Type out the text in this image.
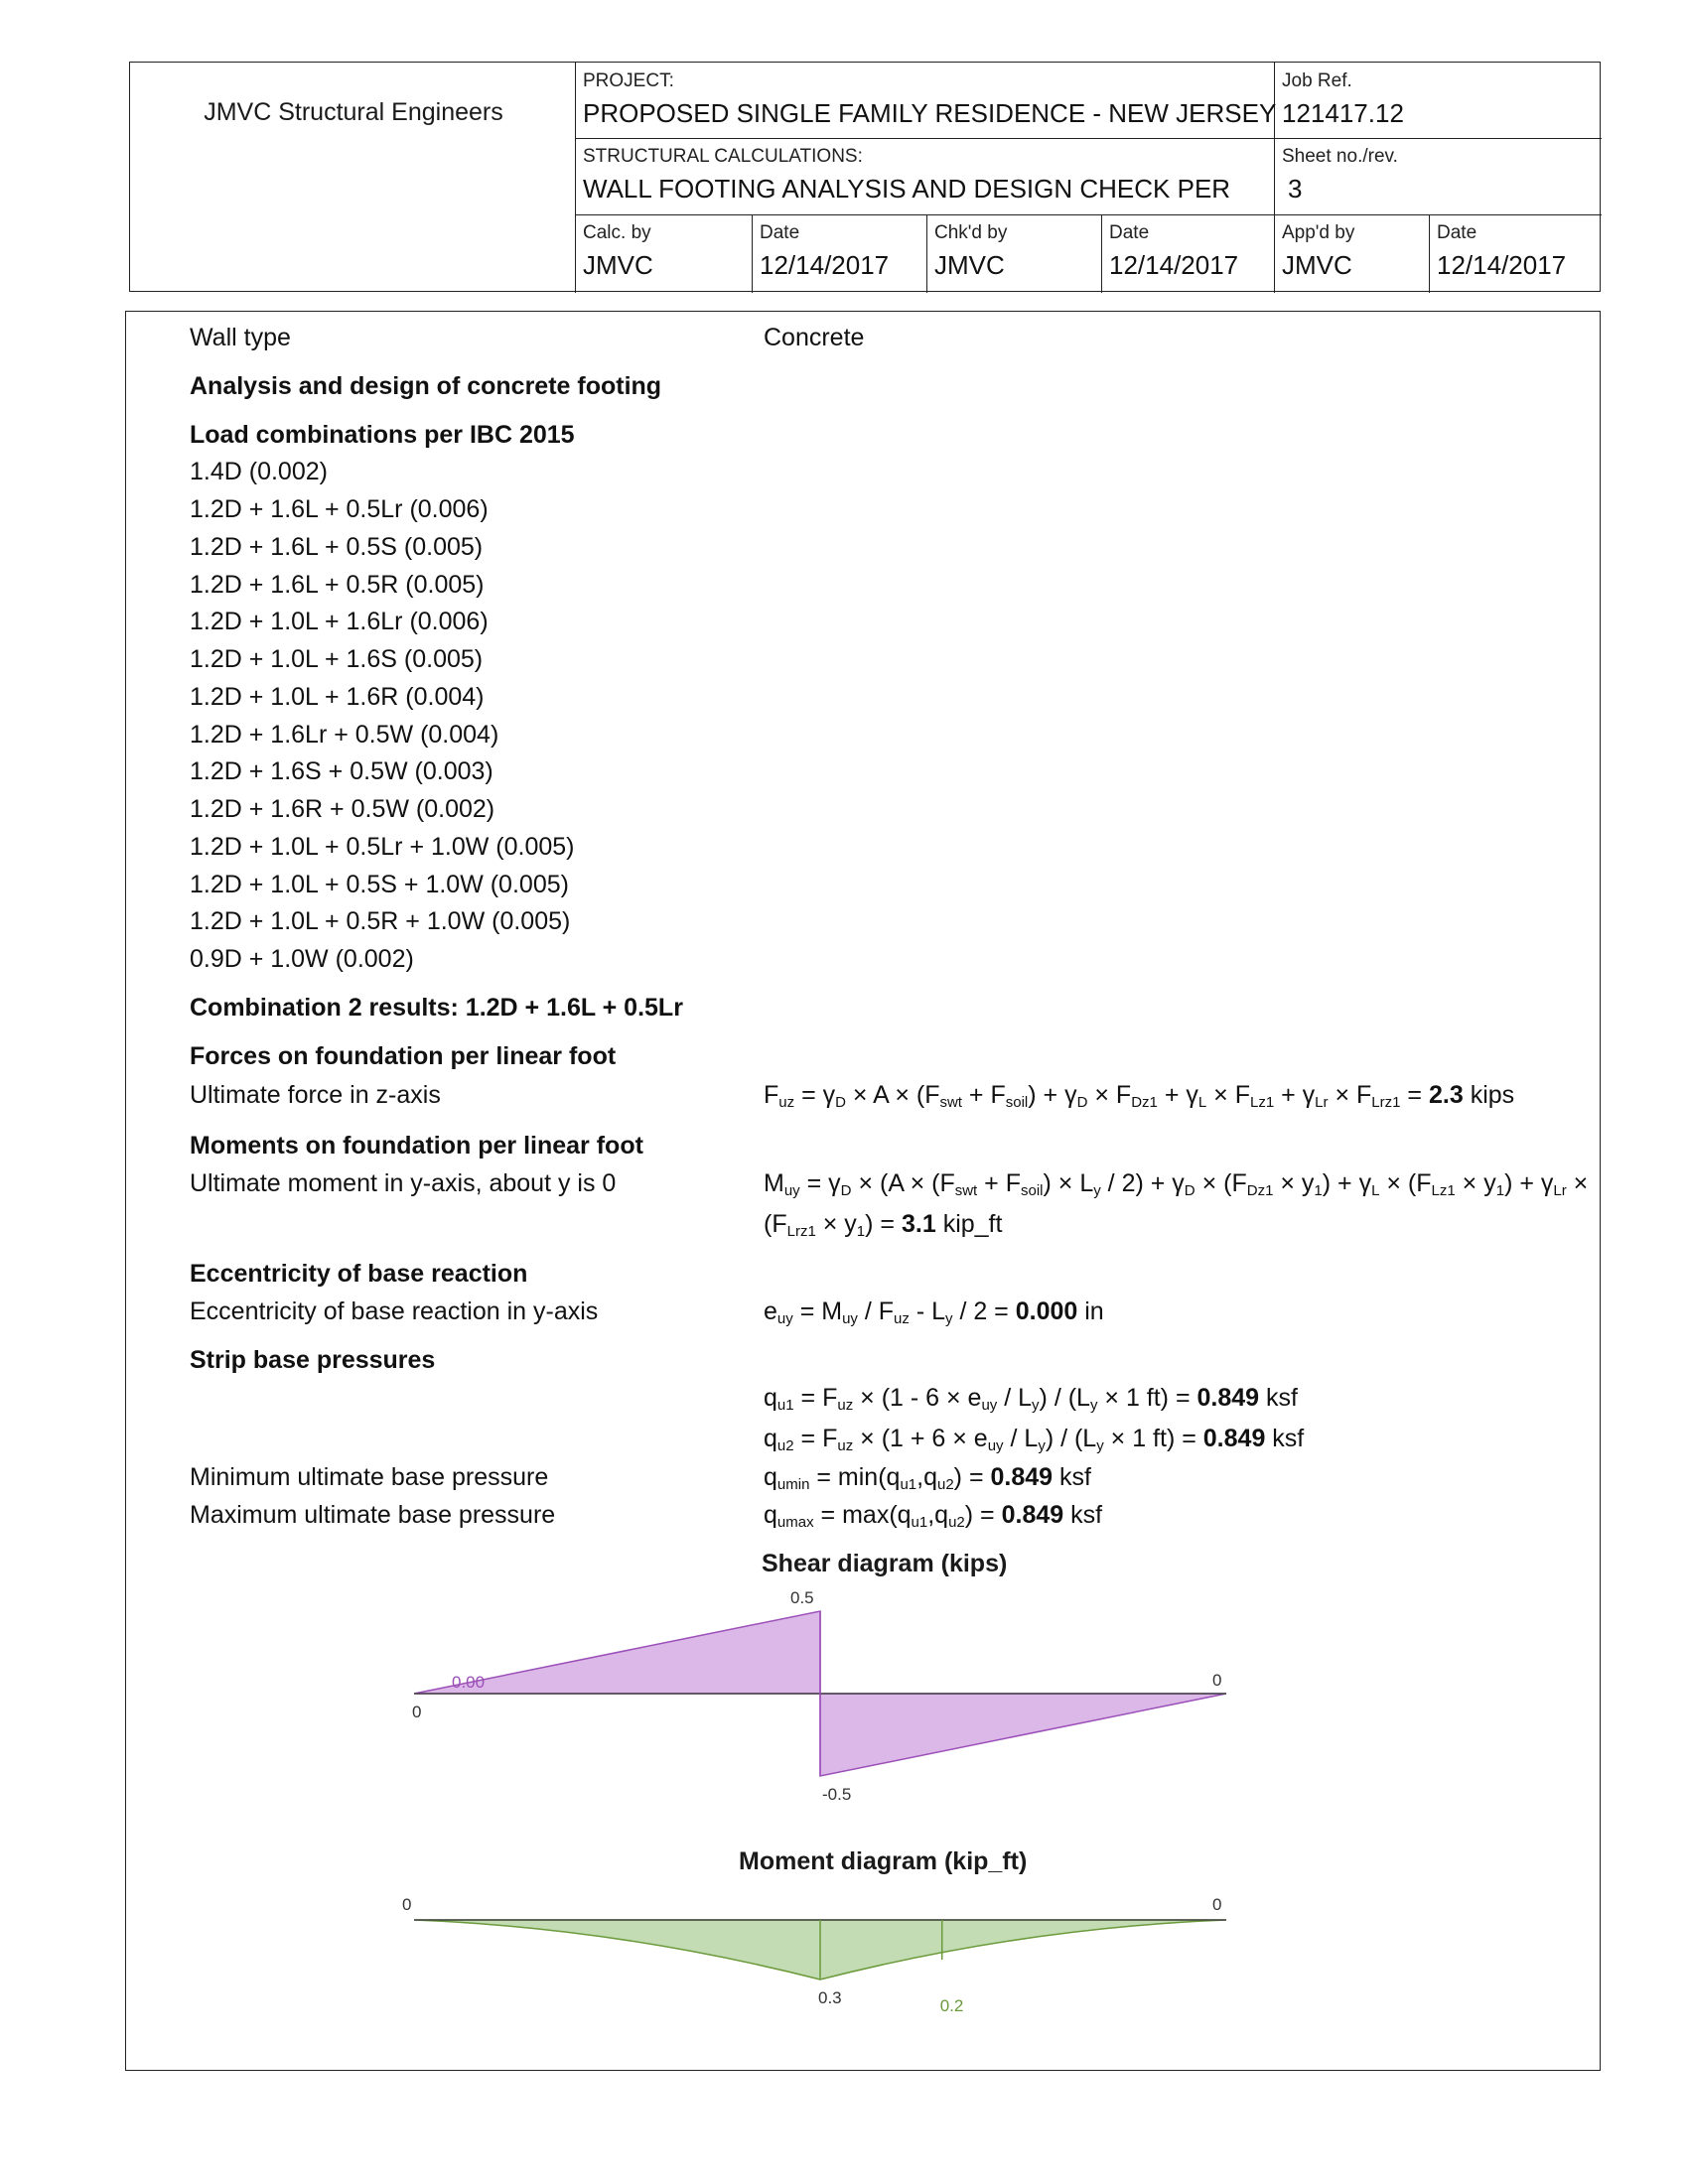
JMVC Structural Engineers
PROJECT:
PROPOSED SINGLE FAMILY RESIDENCE - NEW JERSEY
Job Ref.
121417.12
STRUCTURAL CALCULATIONS:
WALL FOOTING ANALYSIS AND DESIGN CHECK PER
Sheet no./rev.
3
Calc. by
JMVC
Date
12/14/2017
Chk'd by
JMVC
Date
12/14/2017
App'd by
JMVC
Date
12/14/2017
Wall type	Concrete
Analysis and design of concrete footing
Load combinations per IBC 2015
1.4D (0.002)
1.2D + 1.6L + 0.5Lr (0.006)
1.2D + 1.6L + 0.5S (0.005)
1.2D + 1.6L + 0.5R (0.005)
1.2D + 1.0L + 1.6Lr (0.006)
1.2D + 1.0L + 1.6S (0.005)
1.2D + 1.0L + 1.6R (0.004)
1.2D + 1.6Lr + 0.5W (0.004)
1.2D + 1.6S + 0.5W (0.003)
1.2D + 1.6R + 0.5W (0.002)
1.2D + 1.0L + 0.5Lr + 1.0W (0.005)
1.2D + 1.0L + 0.5S + 1.0W (0.005)
1.2D + 1.0L + 0.5R + 1.0W (0.005)
0.9D + 1.0W (0.002)
Combination 2 results: 1.2D + 1.6L + 0.5Lr
Forces on foundation per linear foot
Ultimate force in z-axis	$F_{uz} = \gamma_D \times A \times (F_{swt} + F_{soil}) + \gamma_D \times F_{Dz1} + \gamma_L \times F_{Lz1} + \gamma_{Lr} \times F_{Lrz1} = 2.3$ kips
Moments on foundation per linear foot
Ultimate moment in y-axis, about y is 0	$M_{uy} = \gamma_D \times (A \times (F_{swt} + F_{soil}) \times L_y / 2) + \gamma_D \times (F_{Dz1} \times y_1) + \gamma_L \times (F_{Lz1} \times y_1) + \gamma_{Lr}$ ×
$(F_{Lrz1} \times y_1) = 3.1$ kip_ft
Eccentricity of base reaction
Eccentricity of base reaction in y-axis	$e_{uy} = M_{uy} / F_{uz} - L_y / 2 = 0.000$ in
Strip base pressures
$q_{u1} = F_{uz} \times (1 - 6 \times e_{uy} / L_y) / (L_y \times 1$ ft) = 0.849 ksf
$q_{u2} = F_{uz} \times (1 + 6 \times e_{uy} / L_y) / (L_y \times 1$ ft) = 0.849 ksf
Minimum ultimate base pressure	$q_{umin} = \min(q_{u1},q_{u2}) = 0.849$ ksf
Maximum ultimate base pressure	$q_{umax} = \max(q_{u1},q_{u2}) = 0.849$ ksf
Shear diagram (kips)
0.5
-0.5
0
0
0.00
Moment diagram (kip_ft)
0.3	0.2
0	0
